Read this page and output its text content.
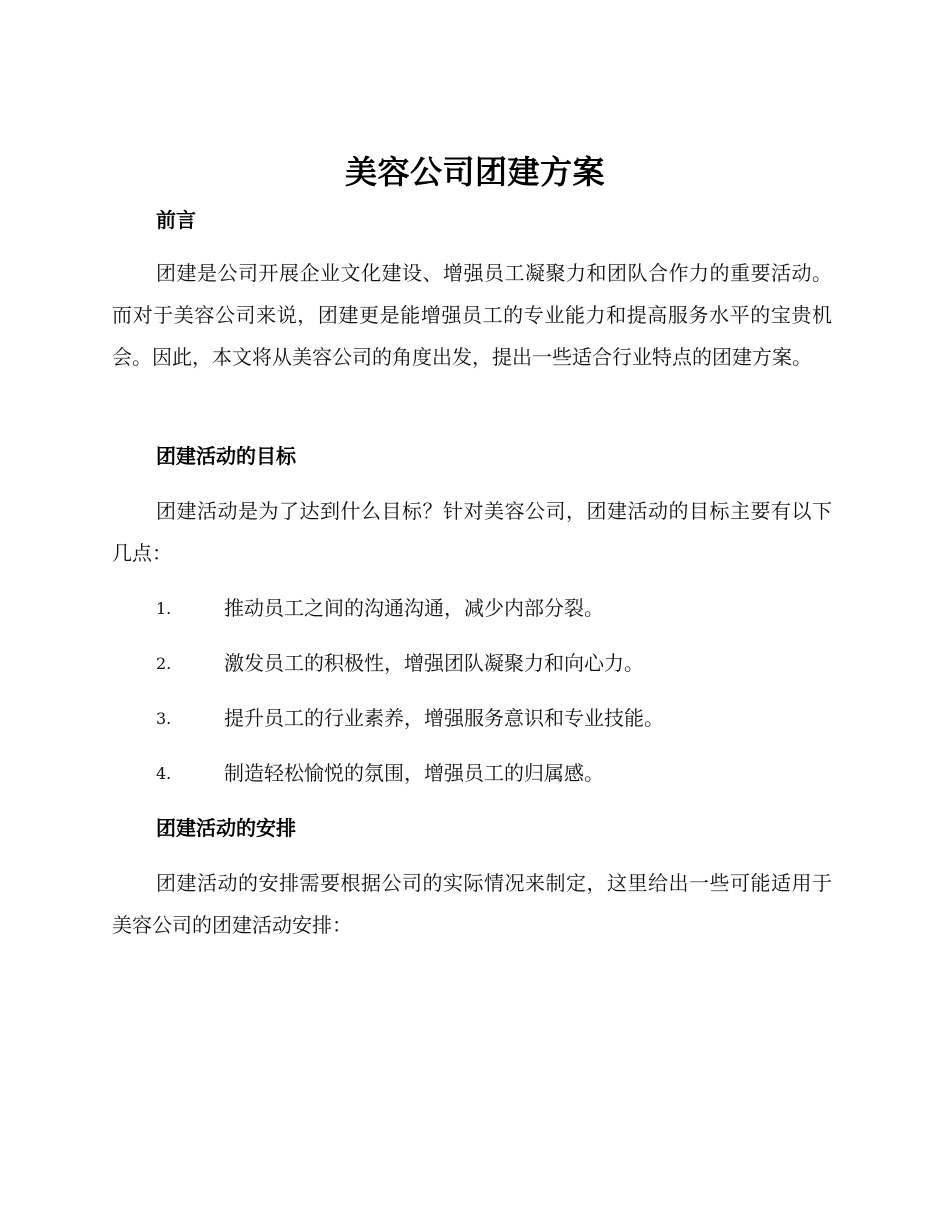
美容公司团建方案
前言
团建是公司开展企业文化建设、增强员工凝聚力和团队合作力的重要活动。而对于美容公司来说，团建更是能增强员工的专业能力和提高服务水平的宝贵机会。因此，本文将从美容公司的角度出发，提出一些适合行业特点的团建方案。
团建活动的目标
团建活动是为了达到什么目标？针对美容公司，团建活动的目标主要有以下几点：
1.	推动员工之间的沟通沟通，减少内部分裂。
2.	激发员工的积极性，增强团队凝聚力和向心力。
3.	提升员工的行业素养，增强服务意识和专业技能。
4.	制造轻松愉悦的氛围，增强员工的归属感。
团建活动的安排
团建活动的安排需要根据公司的实际情况来制定，这里给出一些可能适用于美容公司的团建活动安排：
